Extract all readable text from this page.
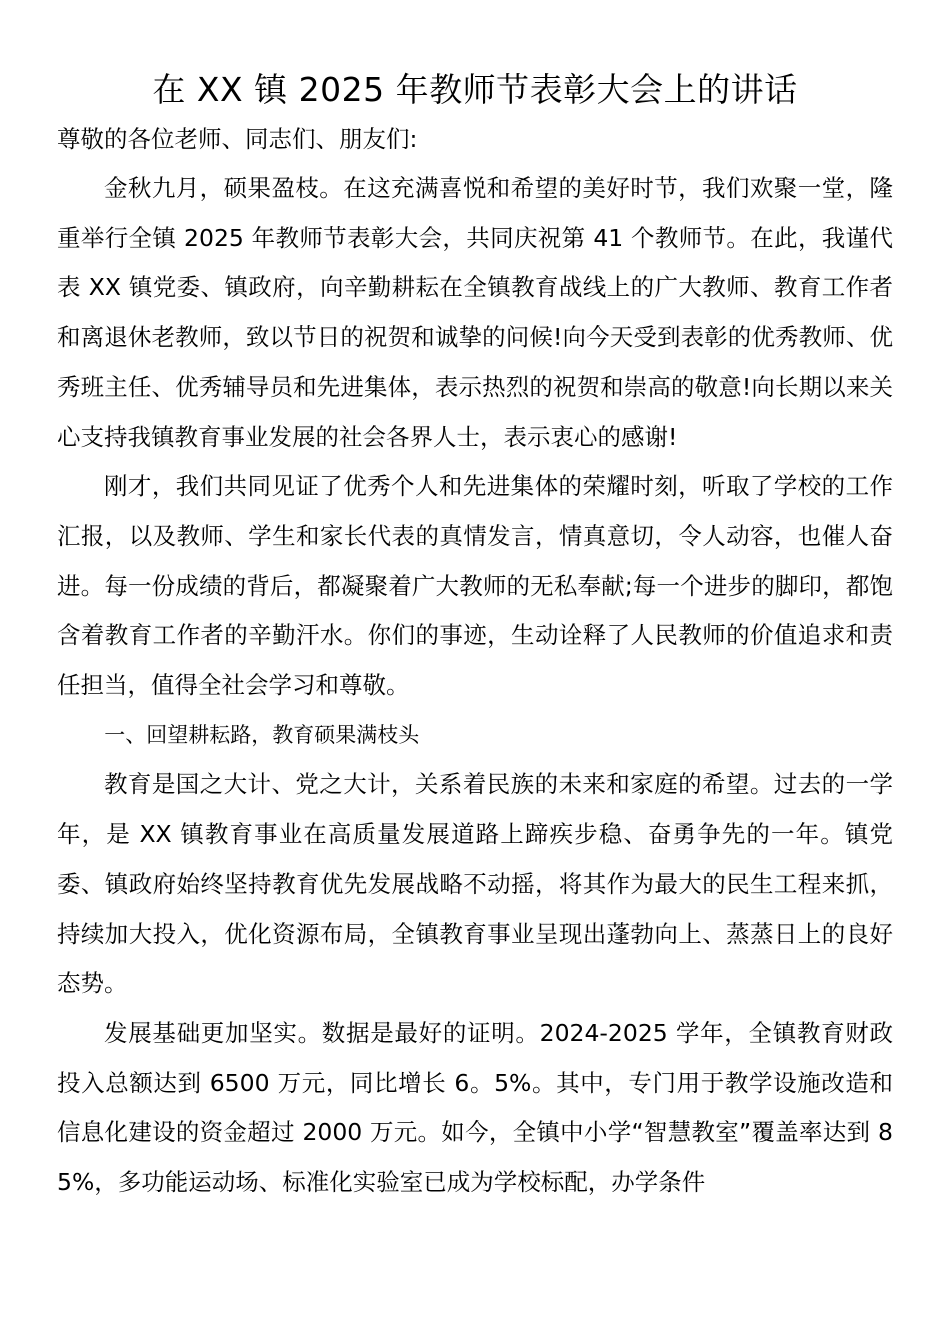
在 XX 镇 2025 年教师节表彰大会上的讲话

尊敬的各位老师、同志们、朋友们:

金秋九月，硕果盈枝。在这充满喜悦和希望的美好时节，我们欢聚一堂，隆重举行全镇 2025 年教师节表彰大会，共同庆祝第 41 个教师节。在此，我谨代表 XX 镇党委、镇政府，向辛勤耕耘在全镇教育战线上的广大教师、教育工作者和离退休老教师，致以节日的祝贺和诚挚的问候!向今天受到表彰的优秀教师、优秀班主任、优秀辅导员和先进集体，表示热烈的祝贺和崇高的敬意!向长期以来关心支持我镇教育事业发展的社会各界人士，表示衷心的感谢!

刚才，我们共同见证了优秀个人和先进集体的荣耀时刻，听取了学校的工作汇报，以及教师、学生和家长代表的真情发言，情真意切，令人动容，也催人奋进。每一份成绩的背后，都凝聚着广大教师的无私奉献;每一个进步的脚印，都饱含着教育工作者的辛勤汗水。你们的事迹，生动诠释了人民教师的价值追求和责任担当，值得全社会学习和尊敬。

一、回望耕耘路，教育硕果满枝头

教育是国之大计、党之大计，关系着民族的未来和家庭的希望。过去的一学年，是 XX 镇教育事业在高质量发展道路上蹄疾步稳、奋勇争先的一年。镇党委、镇政府始终坚持教育优先发展战略不动摇，将其作为最大的民生工程来抓，持续加大投入，优化资源布局，全镇教育事业呈现出蓬勃向上、蒸蒸日上的良好态势。

发展基础更加坚实。数据是最好的证明。2024-2025 学年，全镇教育财政投入总额达到 6500 万元，同比增长 6。5%。其中，专门用于教学设施改造和信息化建设的资金超过 2000 万元。如今，全镇中小学“智慧教室”覆盖率达到 85%，多功能运动场、标准化实验室已成为学校标配，办学条件
